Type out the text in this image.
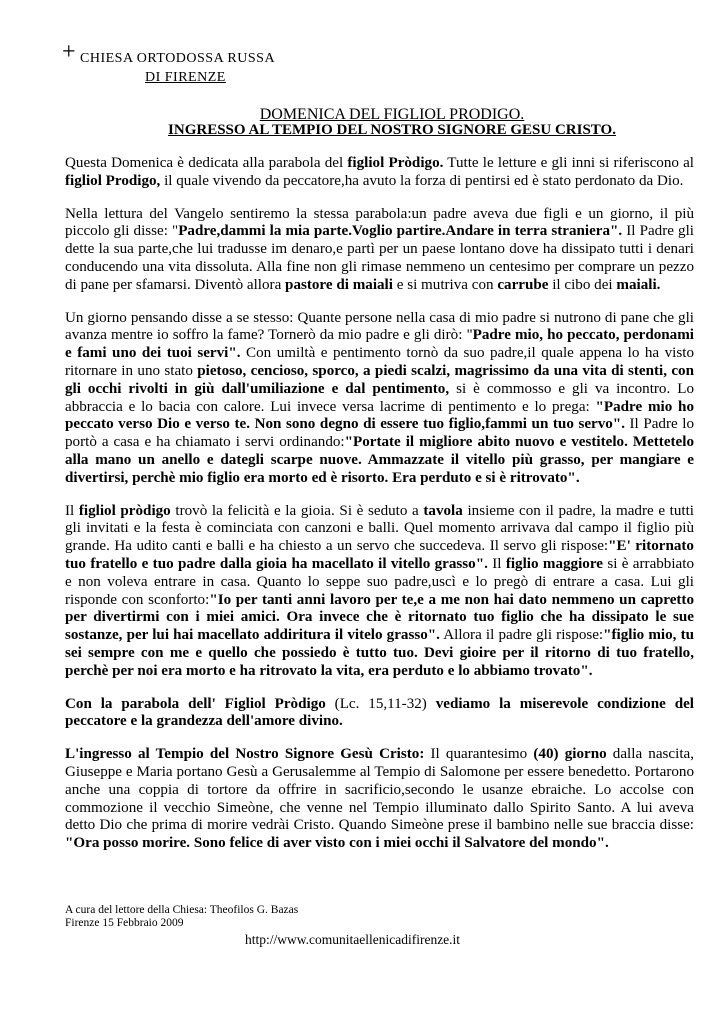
+ CHIESA ORTODOSSA RUSSA
DI FIRENZE
DOMENICA DEL FIGLIOL PRODIGO.
INGRESSO AL TEMPIO DEL NOSTRO SIGNORE GESU CRISTO.

Questa Domenica è dedicata alla parabola del figliol Pròdigo. Tutte le letture e gli inni si riferiscono al figliol Prodigo, il quale vivendo da peccatore,ha avuto la forza di pentirsi ed è stato perdonato da Dio.

Nella lettura del Vangelo sentiremo la stessa parabola:un padre aveva due figli e un giorno, il più piccolo gli disse: "Padre,dammi la mia parte.Voglio partire.Andare in terra straniera". Il Padre gli dette la sua parte,che lui tradusse im denaro,e partì per un paese lontano dove ha dissipato tutti i denari conducendo una vita dissoluta. Alla fine non gli rimase nemmeno un centesimo per comprare un pezzo di pane per sfamarsi. Diventò allora pastore di maiali e si mutriva con carrube il cibo dei maiali.

Un giorno pensando disse a se stesso: Quante persone nella casa di mio padre si nutrono di pane che gli avanza mentre io soffro la fame? Tornerò da mio padre e gli dirò: "Padre mio, ho peccato, perdonami e fami uno dei tuoi servi". Con umiltà e pentimento tornò da suo padre,il quale appena lo ha visto ritornare in uno stato pietoso, cencioso, sporco, a piedi scalzi, magrissimo da una vita di stenti, con gli occhi rivolti in giù dall'umiliazione e dal pentimento, si è commosso e gli va incontro. Lo abbraccia e lo bacia con calore. Lui invece versa lacrime di pentimento e lo prega: "Padre mio ho peccato verso Dio e verso te. Non sono degno di essere tuo figlio,fammi un tuo servo". Il Padre lo portò a casa e ha chiamato i servi ordinando:"Portate il migliore abito nuovo e vestitelo. Mettetelo alla mano un anello e dategli scarpe nuove. Ammazzate il vitello più grasso, per mangiare e divertirsi, perchè mio figlio era morto ed è risorto. Era perduto e si è ritrovato".

Il figliol pròdigo trovò la felicità e la gioia. Si è seduto a tavola insieme con il padre, la madre e tutti gli invitati e la festa è cominciata con canzoni e balli. Quel momento arrivava dal campo il figlio più grande. Ha udito canti e balli e ha chiesto a un servo che succedeva. Il servo gli rispose:"E' ritornato tuo fratello e tuo padre dalla gioia ha macellato il vitello grasso". Il figlio maggiore si è arrabbiato e non voleva entrare in casa. Quanto lo seppe suo padre,uscì e lo pregò di entrare a casa. Lui gli risponde con sconforto:"Io per tanti anni lavoro per te,e a me non hai dato nemmeno un capretto per divertirmi con i miei amici. Ora invece che è ritornato tuo figlio che ha dissipato le sue sostanze, per lui hai macellato addiritura il vitelo grasso". Allora il padre gli rispose:"figlio mio, tu sei sempre con me e quello che possiedo è tutto tuo. Devi gioire per il ritorno di tuo fratello, perchè per noi era morto e ha ritrovato la vita, era perduto e lo abbiamo trovato".

Con la parabola dell' Figliol Pròdigo (Lc. 15,11-32) vediamo la miserevole condizione del peccatore e la grandezza dell'amore divino.

L'ingresso al Tempio del Nostro Signore Gesù Cristo: Il quarantesimo (40) giorno dalla nascita, Giuseppe e Maria portano Gesù a Gerusalemme al Tempio di Salomone per essere benedetto. Portarono anche una coppia di tortore da offrire in sacrificio,secondo le usanze ebraiche. Lo accolse con commozione il vecchio Simeòne, che venne nel Tempio illuminato dallo Spirito Santo. A lui aveva detto Dio che prima di morire vedrài Cristo. Quando Simeòne prese il bambino nelle sue braccia disse: "Ora posso morire. Sono felice di aver visto con i miei occhi il Salvatore del mondo".

A cura del lettore della Chiesa: Theofilos G. Bazas
Firenze 15 Febbraio 2009
http://www.comunitaellenicadifirenze.it
